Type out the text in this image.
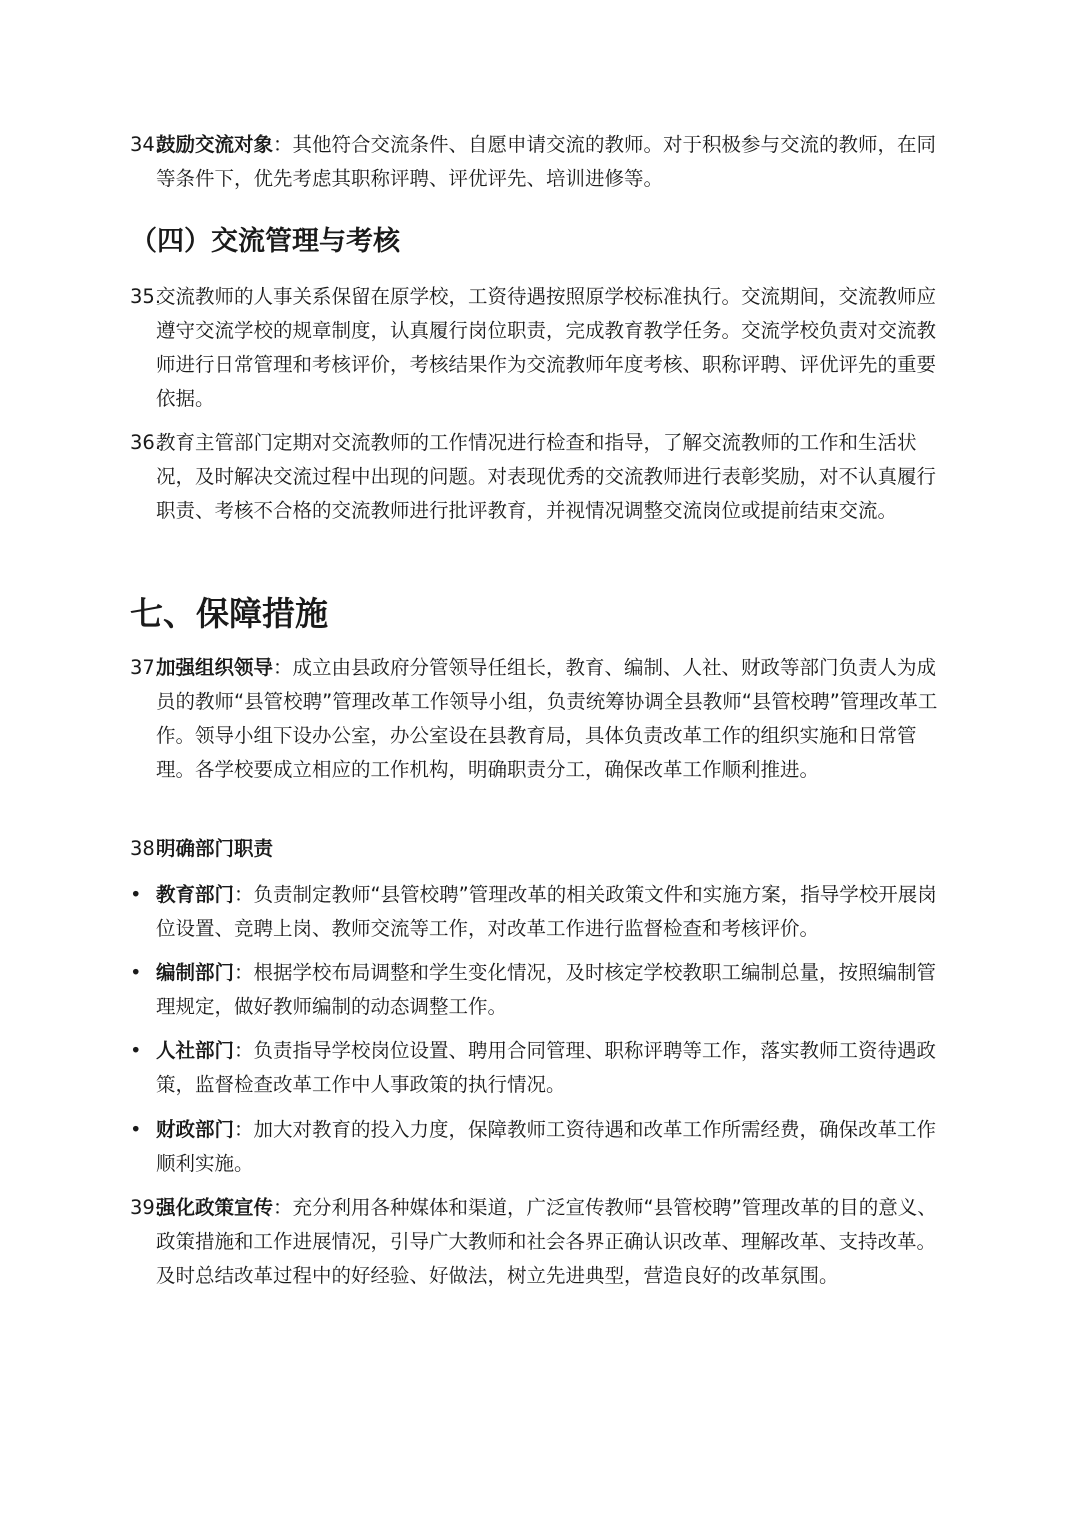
34.
鼓励交流对象：其他符合交流条件、自愿申请交流的教师。对于积极参与交流的教师，在同等条件下，优先考虑其职称评聘、评优评先、培训进修等。
（四）交流管理与考核
35.
交流教师的人事关系保留在原学校，工资待遇按照原学校标准执行。交流期间，交流教师应遵守交流学校的规章制度，认真履行岗位职责，完成教育教学任务。交流学校负责对交流教师进行日常管理和考核评价，考核结果作为交流教师年度考核、职称评聘、评优评先的重要依据。
36.
教育主管部门定期对交流教师的工作情况进行检查和指导，了解交流教师的工作和生活状况，及时解决交流过程中出现的问题。对表现优秀的交流教师进行表彰奖励，对不认真履行职责、考核不合格的交流教师进行批评教育，并视情况调整交流岗位或提前结束交流。
七、保障措施
37.
加强组织领导：成立由县政府分管领导任组长，教育、编制、人社、财政等部门负责人为成员的教师“县管校聘”管理改革工作领导小组，负责统筹协调全县教师“县管校聘”管理改革工作。领导小组下设办公室，办公室设在县教育局，具体负责改革工作的组织实施和日常管理。各学校要成立相应的工作机构，明确职责分工，确保改革工作顺利推进。
38.
明确部门职责
• 教育部门：负责制定教师“县管校聘”管理改革的相关政策文件和实施方案，指导学校开展岗位设置、竞聘上岗、教师交流等工作，对改革工作进行监督检查和考核评价。
• 编制部门：根据学校布局调整和学生变化情况，及时核定学校教职工编制总量，按照编制管理规定，做好教师编制的动态调整工作。
• 人社部门：负责指导学校岗位设置、聘用合同管理、职称评聘等工作，落实教师工资待遇政策，监督检查改革工作中人事政策的执行情况。
• 财政部门：加大对教育的投入力度，保障教师工资待遇和改革工作所需经费，确保改革工作顺利实施。
39.
强化政策宣传：充分利用各种媒体和渠道，广泛宣传教师“县管校聘”管理改革的目的意义、政策措施和工作进展情况，引导广大教师和社会各界正确认识改革、理解改革、支持改革。及时总结改革过程中的好经验、好做法，树立先进典型，营造良好的改革氛围。
